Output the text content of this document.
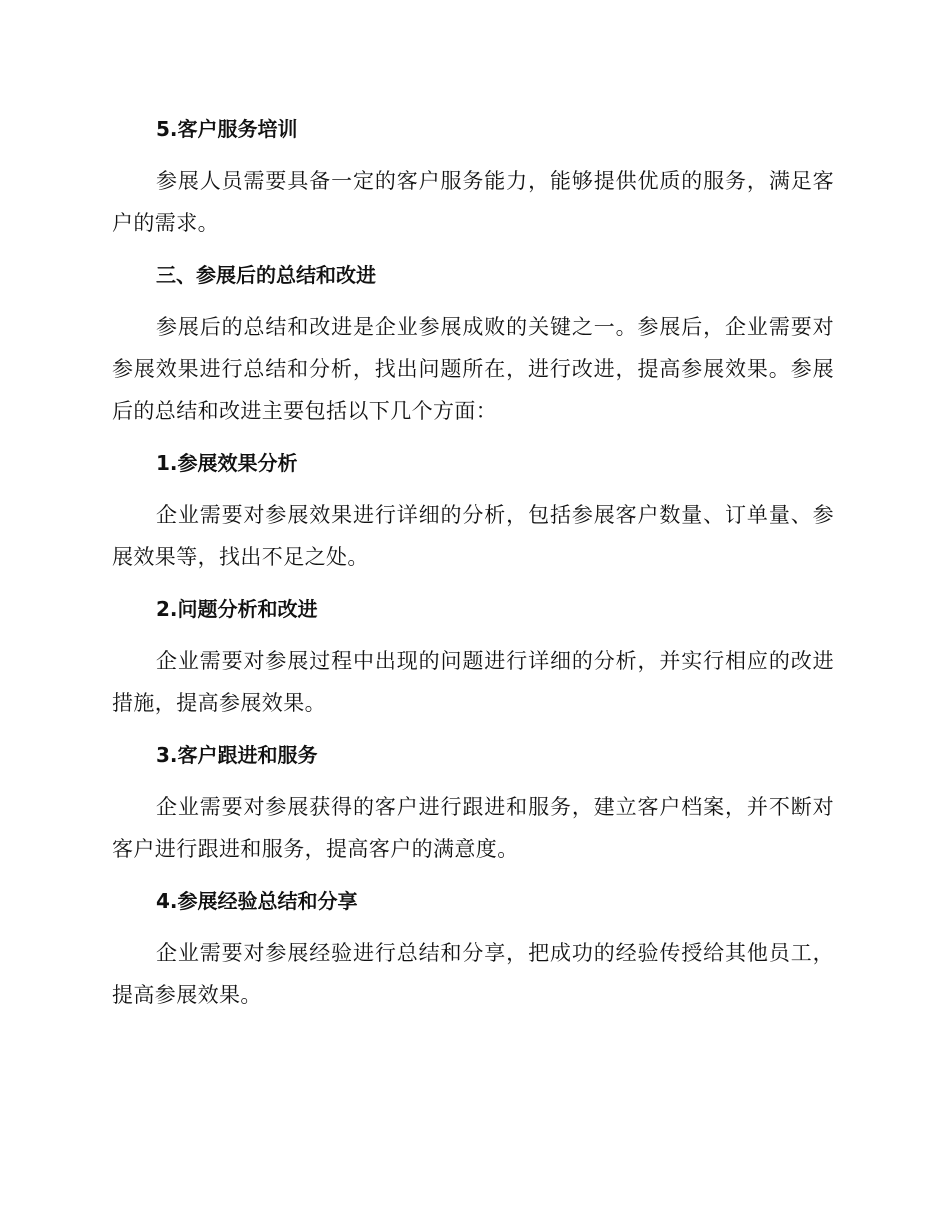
5.客户服务培训

参展人员需要具备一定的客户服务能力，能够提供优质的服务，满足客户的需求。

三、参展后的总结和改进

参展后的总结和改进是企业参展成败的关键之一。参展后，企业需要对参展效果进行总结和分析，找出问题所在，进行改进，提高参展效果。参展后的总结和改进主要包括以下几个方面：

1.参展效果分析

企业需要对参展效果进行详细的分析，包括参展客户数量、订单量、参展效果等，找出不足之处。

2.问题分析和改进

企业需要对参展过程中出现的问题进行详细的分析，并实行相应的改进措施，提高参展效果。

3.客户跟进和服务

企业需要对参展获得的客户进行跟进和服务，建立客户档案，并不断对客户进行跟进和服务，提高客户的满意度。

4.参展经验总结和分享

企业需要对参展经验进行总结和分享，把成功的经验传授给其他员工，提高参展效果。
